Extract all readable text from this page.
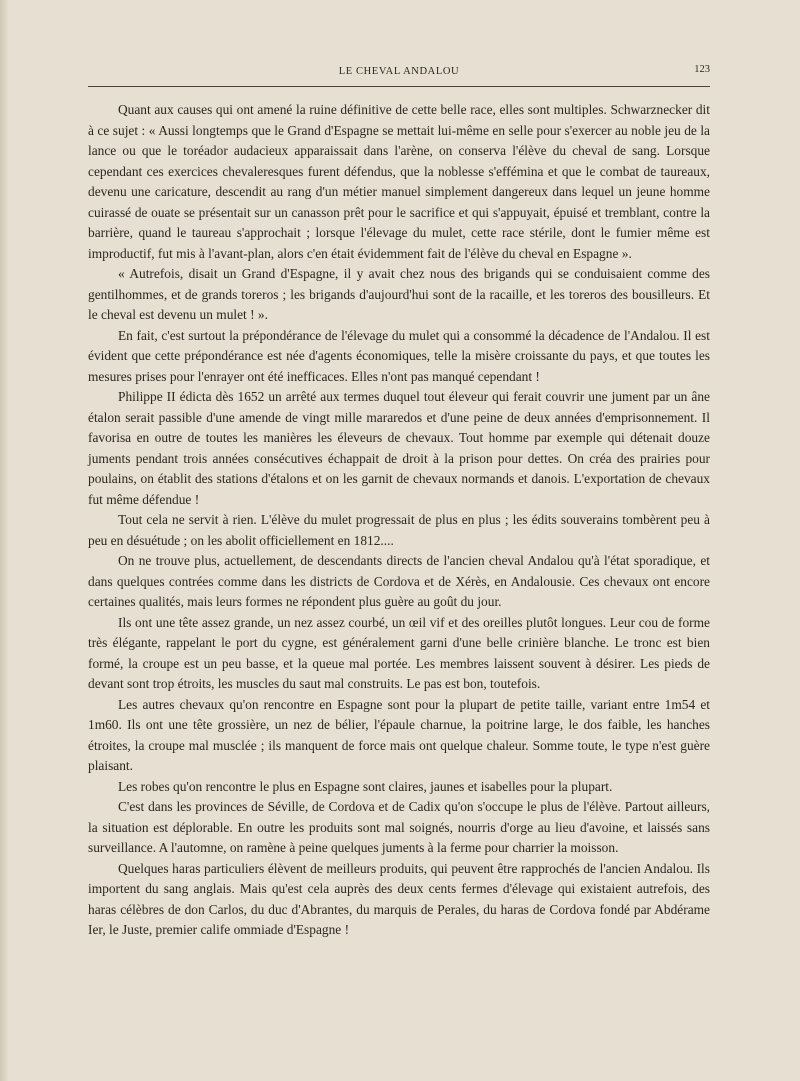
LE CHEVAL ANDALOU	123

Quant aux causes qui ont amené la ruine définitive de cette belle race, elles sont multiples. Schwarznecker dit à ce sujet : « Aussi longtemps que le Grand d'Espagne se mettait lui-même en selle pour s'exercer au noble jeu de la lance ou que le toréador audacieux apparaissait dans l'arène, on conserva l'élève du cheval de sang. Lorsque cependant ces exercices chevaleresques furent défendus, que la noblesse s'efféminа et que le combat de taureaux, devenu une caricature, descendit au rang d'un métier manuel simplement dangereux dans lequel un jeune homme cuirassé de ouate se présentait sur un canasson prêt pour le sacrifice et qui s'appuyait, épuisé et tremblant, contre la barrière, quand le taureau s'approchait ; lorsque l'élevage du mulet, cette race stérile, dont le fumier même est improductif, fut mis à l'avant-plan, alors c'en était évidemment fait de l'élève du cheval en Espagne ».

« Autrefois, disait un Grand d'Espagne, il y avait chez nous des brigands qui se conduisaient comme des gentilhommes, et de grands toreros ; les brigands d'aujourd'hui sont de la racaille, et les toreros des bousilleurs. Et le cheval est devenu un mulet ! ».

En fait, c'est surtout la prépondérance de l'élevage du mulet qui a consommé la décadence de l'Andalou. Il est évident que cette prépondérance est née d'agents économiques, telle la misère croissante du pays, et que toutes les mesures prises pour l'enrayer ont été inefficaces. Elles n'ont pas manqué cependant !

Philippe II édicta dès 1652 un arrêté aux termes duquel tout éleveur qui ferait couvrir une jument par un âne étalon serait passible d'une amende de vingt mille mararedos et d'une peine de deux années d'emprisonnement. Il favorisa en outre de toutes les manières les éleveurs de chevaux. Tout homme par exemple qui détenait douze juments pendant trois années consécutives échappait de droit à la prison pour dettes. On créa des prairies pour poulains, on établit des stations d'étalons et on les garnit de chevaux normands et danois. L'exportation de chevaux fut même défendue !

Tout cela ne servit à rien. L'élève du mulet progressait de plus en plus ; les édits souverains tombèrent peu à peu en désuétude ; on les abolit officiellement en 1812....

On ne trouve plus, actuellement, de descendants directs de l'ancien cheval Andalou qu'à l'état sporadique, et dans quelques contrées comme dans les districts de Cordova et de Xérès, en Andalousie. Ces chevaux ont encore certaines qualités, mais leurs formes ne répondent plus guère au goût du jour.

Ils ont une tête assez grande, un nez assez courbé, un œil vif et des oreilles plutôt longues. Leur cou de forme très élégante, rappelant le port du cygne, est généralement garni d'une belle crinière blanche. Le tronc est bien formé, la croupe est un peu basse, et la queue mal portée. Les membres laissent souvent à désirer. Les pieds de devant sont trop étroits, les muscles du saut mal construits. Le pas est bon, toutefois.

Les autres chevaux qu'on rencontre en Espagne sont pour la plupart de petite taille, variant entre 1m54 et 1m60. Ils ont une tête grossière, un nez de bélier, l'épaule charnue, la poitrine large, le dos faible, les hanches étroites, la croupe mal musclée ; ils manquent de force mais ont quelque chaleur. Somme toute, le type n'est guère plaisant.

Les robes qu'on rencontre le plus en Espagne sont claires, jaunes et isabelles pour la plupart.

C'est dans les provinces de Séville, de Cordova et de Cadix qu'on s'occupe le plus de l'élève. Partout ailleurs, la situation est déplorable. En outre les produits sont mal soignés, nourris d'orge au lieu d'avoine, et laissés sans surveillance. A l'automne, on ramène à peine quelques juments à la ferme pour charrier la moisson.

Quelques haras particuliers élèvent de meilleurs produits, qui peuvent être rapprochés de l'ancien Andalou. Ils importent du sang anglais. Mais qu'est cela auprès des deux cents fermes d'élevage qui existaient autrefois, des haras célèbres de don Carlos, du duc d'Abrantes, du marquis de Perales, du haras de Cordova fondé par Abdérame Ier, le Juste, premier calife ommiade d'Espagne !
